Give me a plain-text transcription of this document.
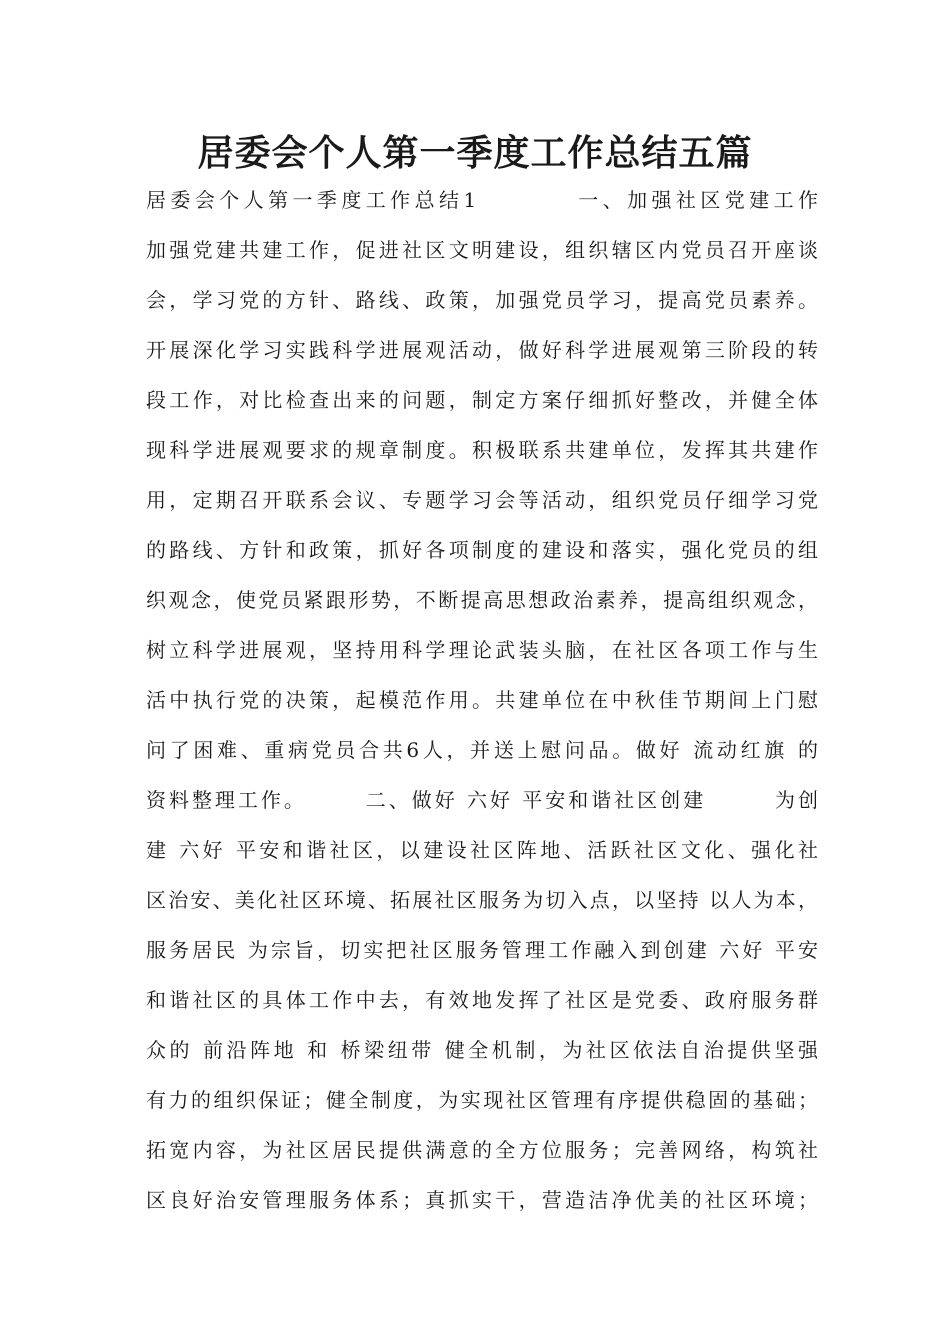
居委会个人第一季度工作总结五篇
居委会个人第一季度工作总结1　　　　一、加强社区党建工作
加强党建共建工作，促进社区文明建设，组织辖区内党员召开座谈
会，学习党的方针、路线、政策，加强党员学习，提高党员素养。
开展深化学习实践科学进展观活动，做好科学进展观第三阶段的转
段工作，对比检查出来的问题，制定方案仔细抓好整改，并健全体
现科学进展观要求的规章制度。积极联系共建单位，发挥其共建作
用，定期召开联系会议、专题学习会等活动，组织党员仔细学习党
的路线、方针和政策，抓好各项制度的建设和落实，强化党员的组
织观念，使党员紧跟形势，不断提高思想政治素养，提高组织观念，
树立科学进展观，坚持用科学理论武装头脑，在社区各项工作与生
活中执行党的决策，起模范作用。共建单位在中秋佳节期间上门慰
问了困难、重病党员合共6人，并送上慰问品。做好 流动红旗 的
资料整理工作。　　　二、做好 六好 平安和谐社区创建　　　为创
建 六好 平安和谐社区，以建设社区阵地、活跃社区文化、强化社
区治安、美化社区环境、拓展社区服务为切入点，以坚持 以人为本，
服务居民 为宗旨，切实把社区服务管理工作融入到创建 六好 平安
和谐社区的具体工作中去，有效地发挥了社区是党委、政府服务群
众的 前沿阵地 和 桥梁纽带 健全机制，为社区依法自治提供坚强
有力的组织保证；健全制度，为实现社区管理有序提供稳固的基础；
拓宽内容，为社区居民提供满意的全方位服务；完善网络，构筑社
区良好治安管理服务体系；真抓实干，营造洁净优美的社区环境；
